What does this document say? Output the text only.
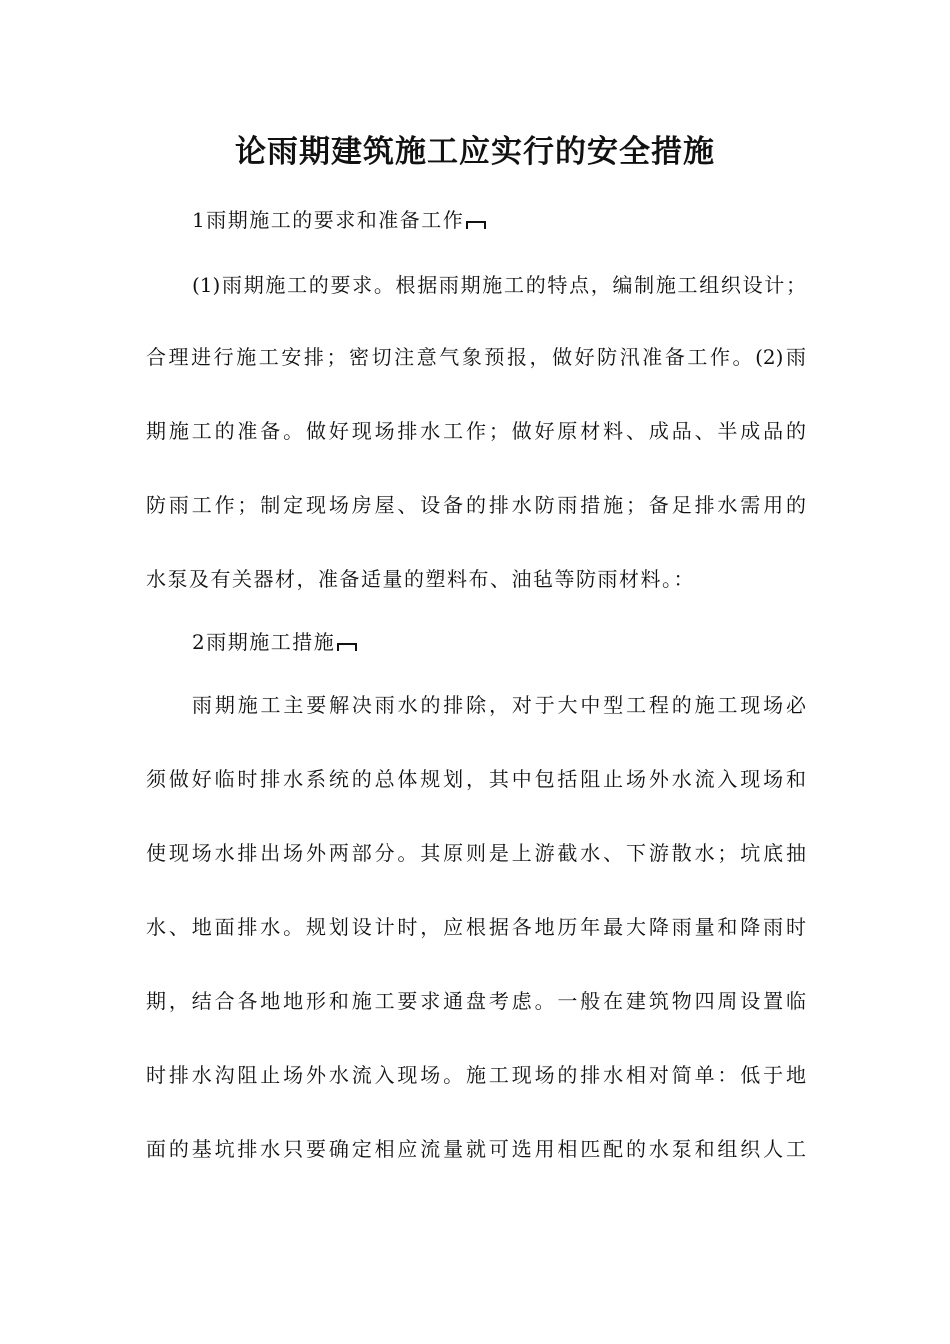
论雨期建筑施工应实行的安全措施

1雨期施工的要求和准备工作

(1)雨期施工的要求。根据雨期施工的特点，编制施工组织设计；

合理进行施工安排；密切注意气象预报，做好防汛准备工作。(2)雨

期施工的准备。做好现场排水工作；做好原材料、成品、半成品的

防雨工作；制定现场房屋、设备的排水防雨措施；备足排水需用的

水泵及有关器材，准备适量的塑料布、油毡等防雨材料。：

2雨期施工措施

雨期施工主要解决雨水的排除，对于大中型工程的施工现场必

须做好临时排水系统的总体规划，其中包括阻止场外水流入现场和

使现场水排出场外两部分。其原则是上游截水、下游散水；坑底抽

水、地面排水。规划设计时，应根据各地历年最大降雨量和降雨时

期，结合各地地形和施工要求通盘考虑。一般在建筑物四周设置临

时排水沟阻止场外水流入现场。施工现场的排水相对简单：低于地

面的基坑排水只要确定相应流量就可选用相匹配的水泵和组织人工
